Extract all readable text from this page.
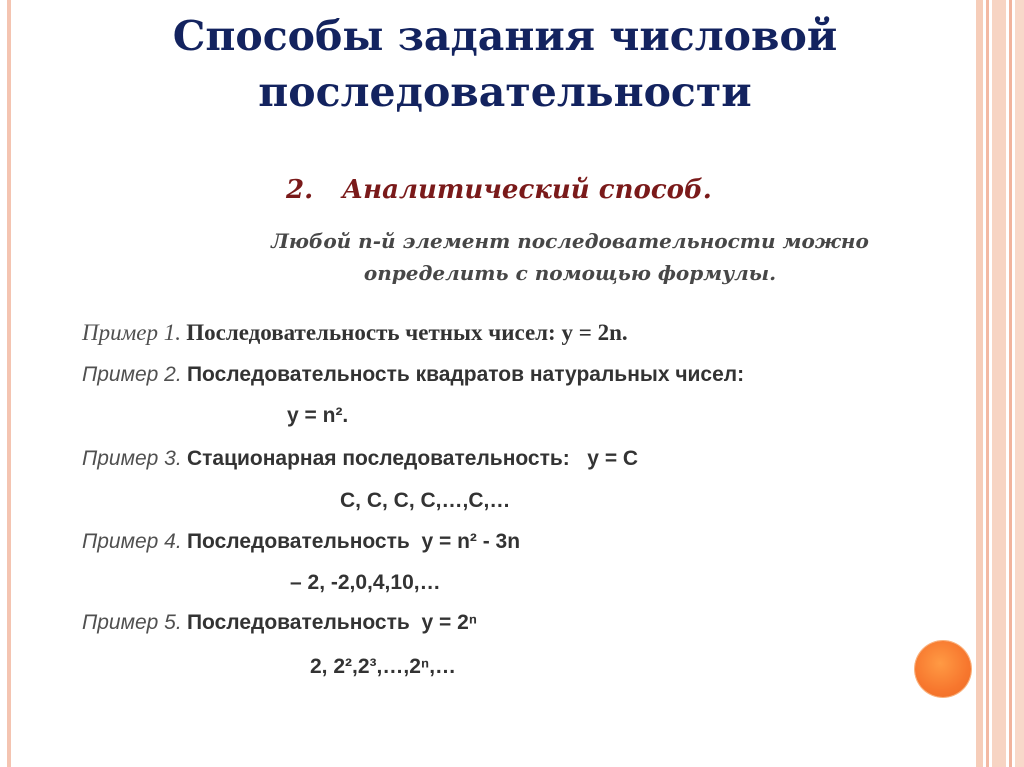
Способы задания числовой
последовательности
2. Аналитический способ.
Любой n-й элемент последовательности можно
определить с помощью формулы.
Пример 1. Последовательность четных чисел: у = 2n.
Пример 2. Последовательность квадратов натуральных чисел:
у = n².
Пример 3. Стационарная последовательность:   y = C
C, C, C, C,…,C,…
Пример 4. Последовательность  y = n² - 3n
– 2, -2,0,4,10,…
Пример 5. Последовательность  y = 2ⁿ
2, 2²,2³,…,2ⁿ,…
